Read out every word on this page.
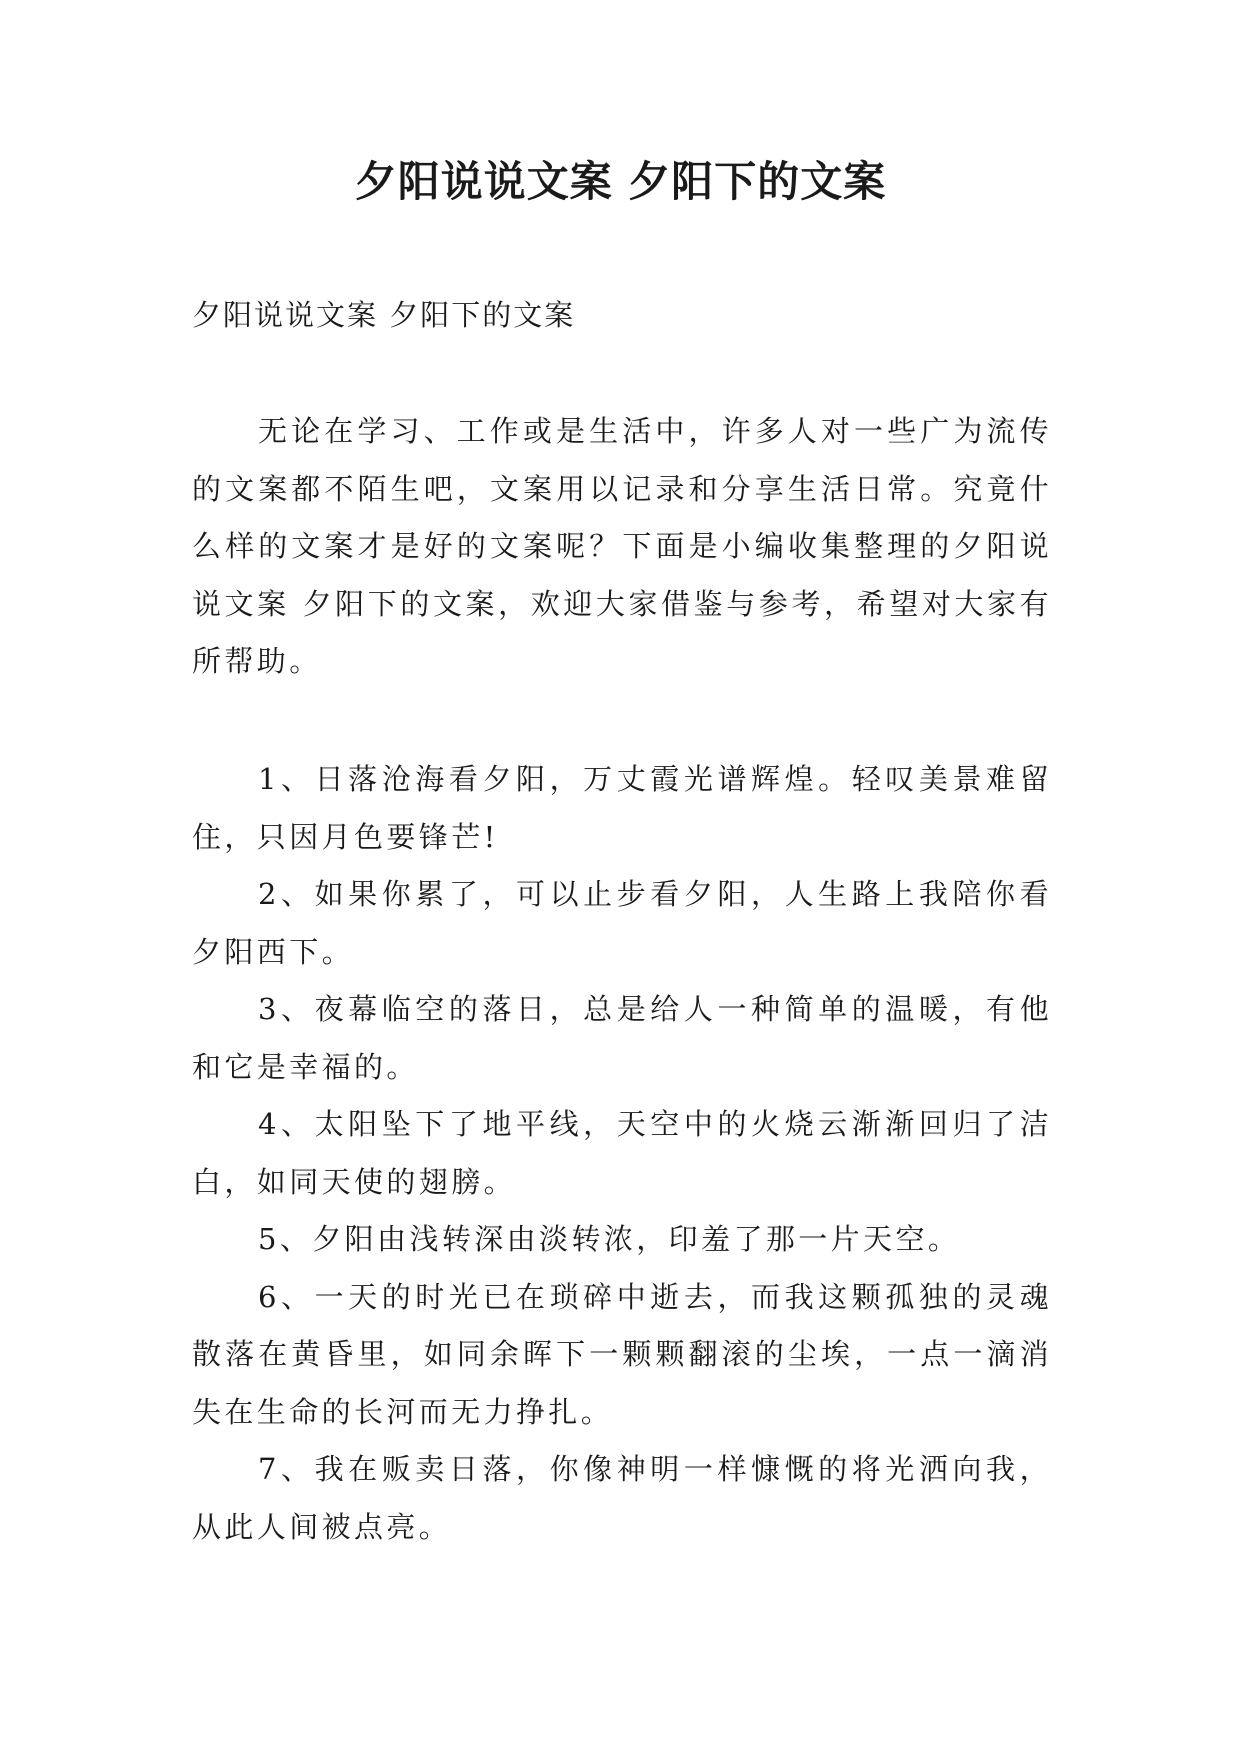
夕阳说说文案 夕阳下的文案

夕阳说说文案 夕阳下的文案

无论在学习、工作或是生活中，许多人对一些广为流传的文案都不陌生吧，文案用以记录和分享生活日常。究竟什么样的文案才是好的文案呢？下面是小编收集整理的夕阳说说文案 夕阳下的文案，欢迎大家借鉴与参考，希望对大家有所帮助。

1、日落沧海看夕阳，万丈霞光谱辉煌。轻叹美景难留住，只因月色要锋芒!
2、如果你累了，可以止步看夕阳，人生路上我陪你看夕阳西下。
3、夜幕临空的落日，总是给人一种简单的温暖，有他和它是幸福的。
4、太阳坠下了地平线，天空中的火烧云渐渐回归了洁白，如同天使的翅膀。
5、夕阳由浅转深由淡转浓，印羞了那一片天空。
6、一天的时光已在琐碎中逝去，而我这颗孤独的灵魂散落在黄昏里，如同余晖下一颗颗翻滚的尘埃，一点一滴消失在生命的长河而无力挣扎。
7、我在贩卖日落，你像神明一样慷慨的将光洒向我，从此人间被点亮。
